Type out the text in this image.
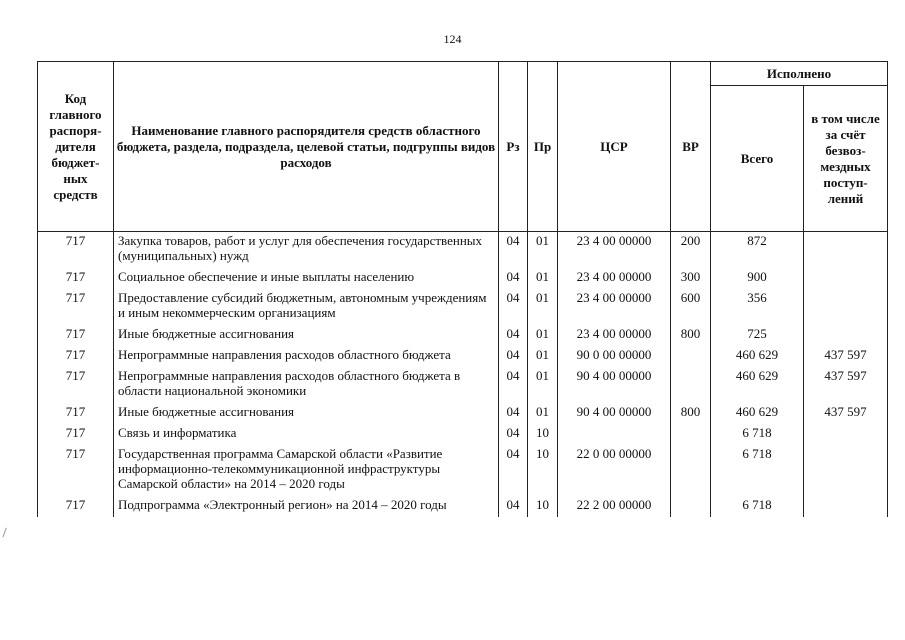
124
Код главного распоря-дителя бюджет-ных средств	Наименование главного распорядителя средств областного бюджета, раздела, подраздела, целевой статьи, подгруппы видов расходов	Рз	Пр	ЦСР	ВР	Исполнено	
						Всего	в том числе за счёт безвоз-мездных поступ-лений
717	Закупка товаров, работ и услуг для обеспечения государственных (муниципальных) нужд	04	01	23 4 00 00000	200	872	
717	Социальное обеспечение и иные выплаты населению	04	01	23 4 00 00000	300	900	
717	Предоставление субсидий бюджетным, автономным учреждениям и иным некоммерческим организациям	04	01	23 4 00 00000	600	356	
717	Иные бюджетные ассигнования	04	01	23 4 00 00000	800	725	
717	Непрограммные направления расходов областного бюджета	04	01	90 0 00 00000		460 629	437 597
717	Непрограммные направления расходов областного бюджета в области национальной экономики	04	01	90 4 00 00000		460 629	437 597
717	Иные бюджетные ассигнования	04	01	90 4 00 00000	800	460 629	437 597
717	Связь и информатика	04	10			6 718	
717	Государственная программа Самарской области «Развитие информационно-телекоммуникационной инфраструктуры Самарской области» на 2014 – 2020 годы	04	10	22 0 00 00000		6 718	
717	Подпрограмма «Электронный регион» на 2014 – 2020 годы	04	10	22 2 00 00000		6 718	
